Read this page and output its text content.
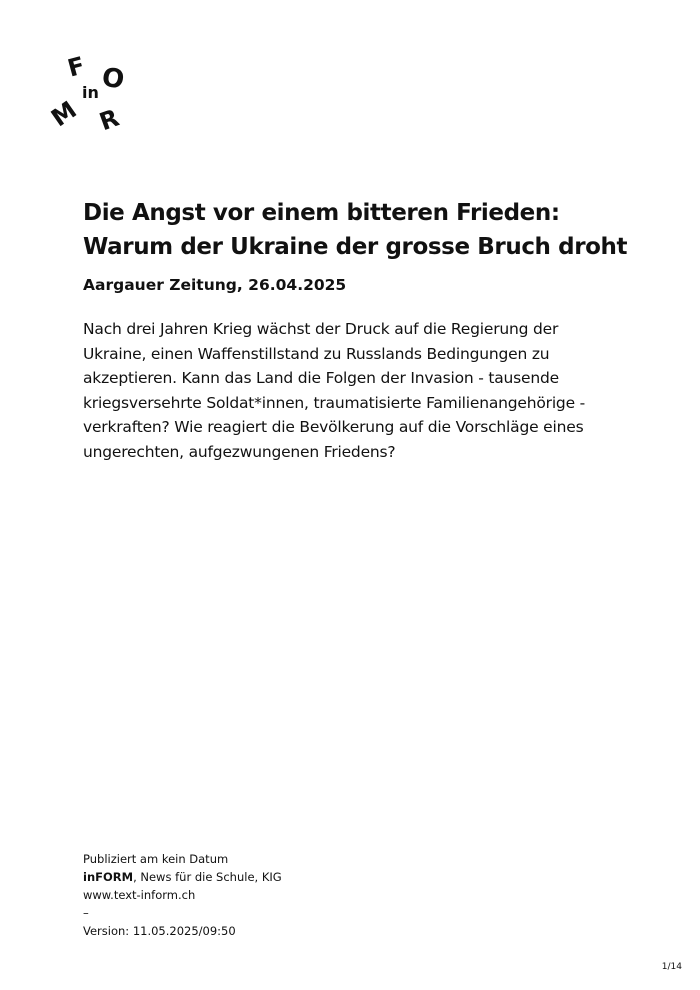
F O
in
M R
Die Angst vor einem bitteren Frieden:
Warum der Ukraine der grosse Bruch droht

Aargauer Zeitung, 26.04.2025

Nach drei Jahren Krieg wächst der Druck auf die Regierung der
Ukraine, einen Waffenstillstand zu Russlands Bedingungen zu
akzeptieren. Kann das Land die Folgen der Invasion - tausende
kriegsversehrte Soldat*innen, traumatisierte Familienangehörige -
verkraften? Wie reagiert die Bevölkerung auf die Vorschläge eines
ungerechten, aufgezwungenen Friedens?

Publiziert am kein Datum
inFORM, News für die Schule, KIG
www.text-inform.ch
–
Version: 11.05.2025/09:50
1/14
